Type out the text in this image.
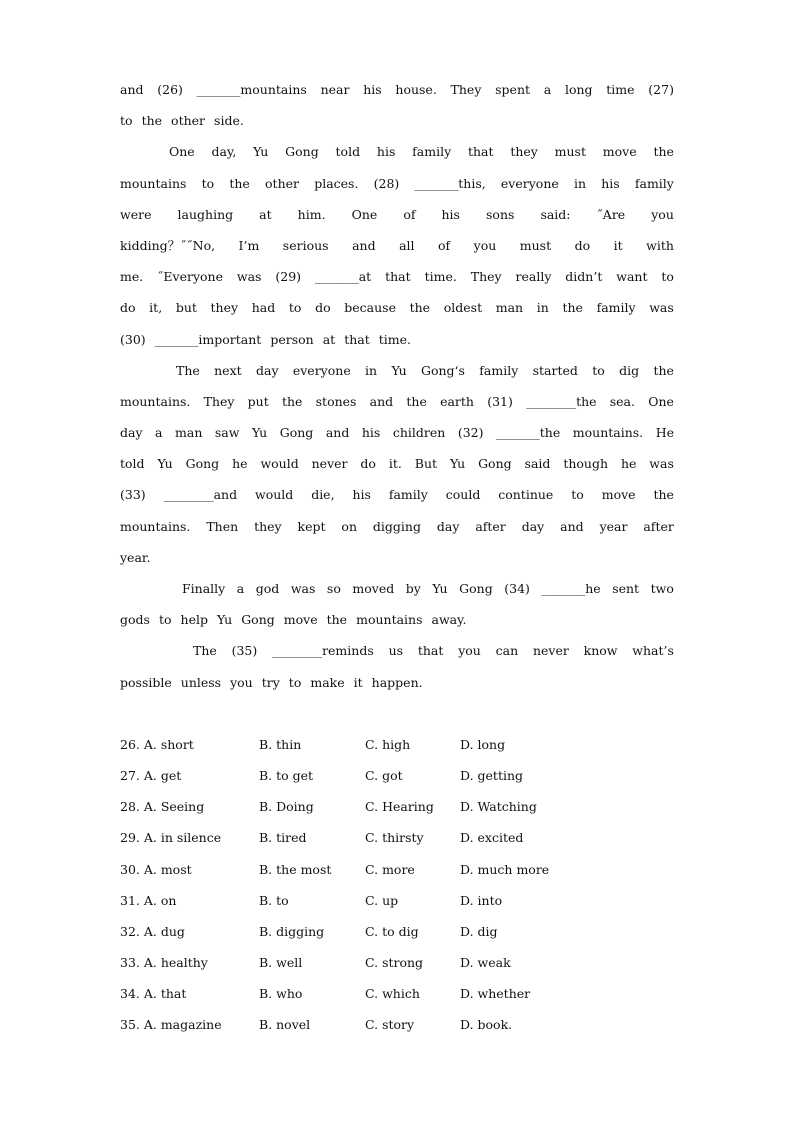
and (26) _______mountains near his house. They spent a long time (27)
to the other side.
One day, Yu Gong told his family that they must move the
mountains to the other places. (28) _______this, everyone in his family
were laughing at him. One of his sons said: ˝Are you
kidding？˝˝No, I’m serious and all of you must do it with
me. ˝Everyone was (29) _______at that time. They really didn’t want to
do it, but they had to do because the oldest man in the family was
(30) _______important person at that time.
The next day everyone in Yu Gong‘s family started to dig the
mountains. They put the stones and the earth (31) ________the sea. One
day a man saw Yu Gong and his children (32) _______the mountains. He
told Yu Gong he would never do it. But Yu Gong said though he was
(33) ________and would die, his family could continue to move the
mountains. Then they kept on digging day after day and year after
year.
Finally a god was so moved by Yu Gong (34) _______he sent two
gods to help Yu Gong move the mountains away.
The (35) ________reminds us that you can never know what’s
possible unless you try to make it happen.
26. A. short	B. thin	C. high	D. long
27. A. get	B. to get	C. got	D. getting
28. A. Seeing	B. Doing	C. Hearing	D. Watching
29. A. in silence	B. tired	C. thirsty	D. excited
30. A. most	B. the most	C. more	D. much more
31. A. on	B. to	C. up	D. into
32. A. dug	B. digging	C. to dig	D. dig
33. A. healthy	B. well	C. strong	D. weak
34. A. that	B. who	C. which	D. whether
35. A. magazine	B. novel	C. story	D. book.
